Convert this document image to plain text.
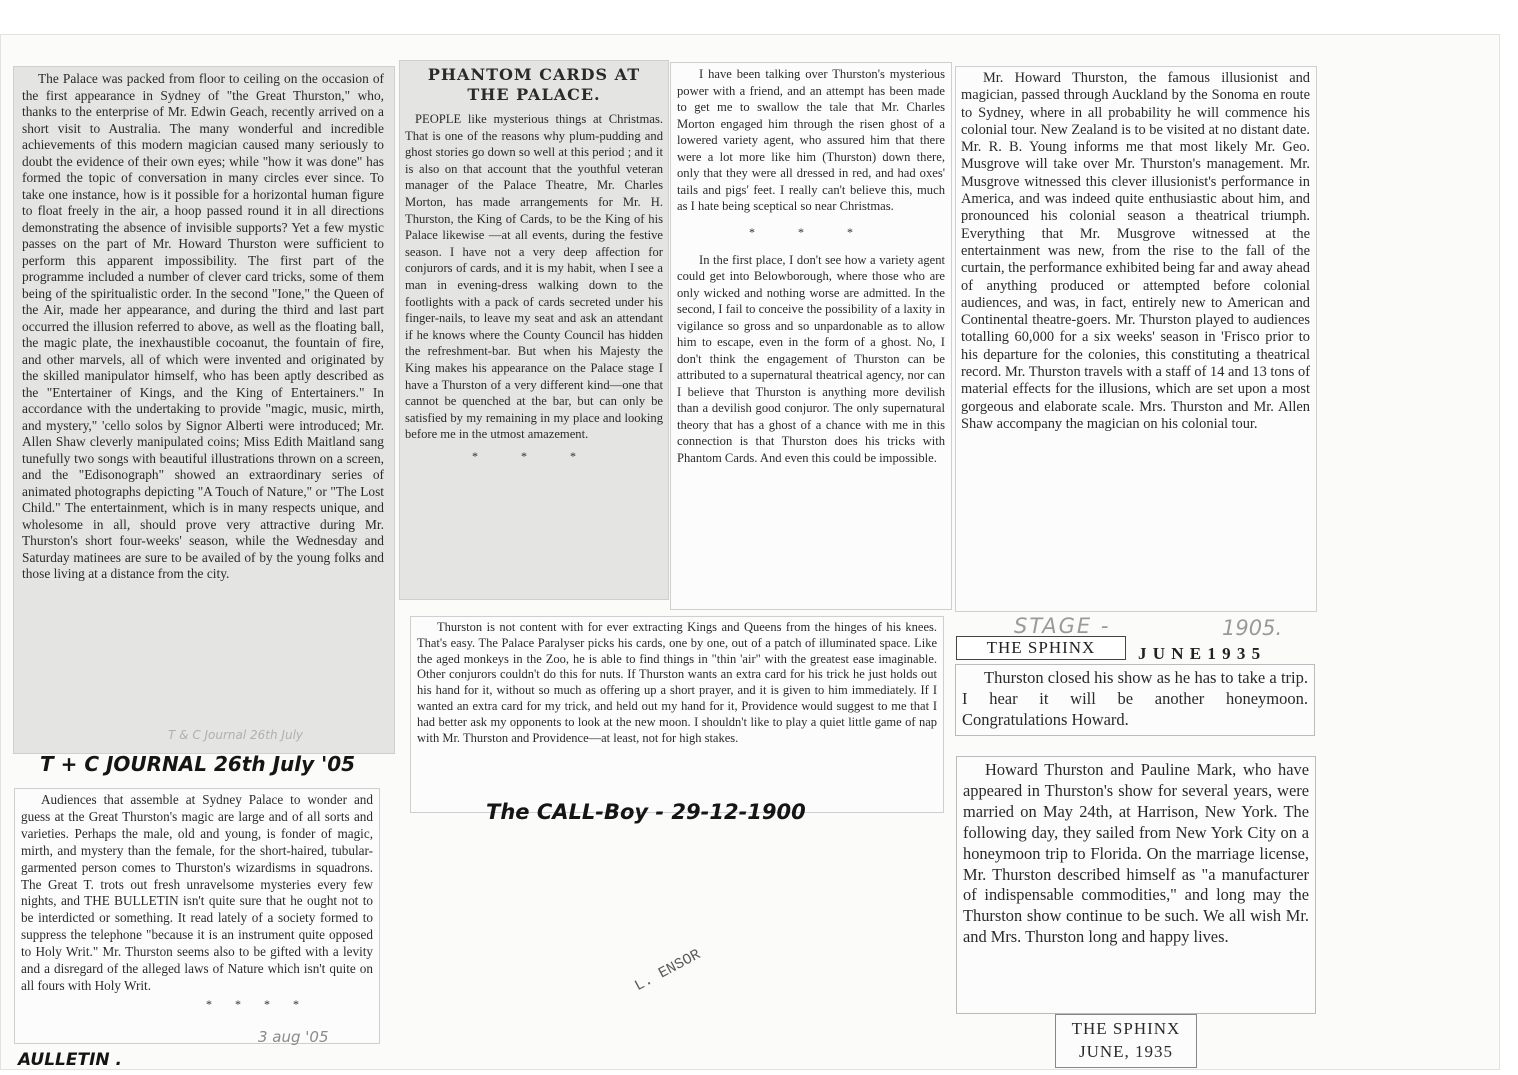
The Palace was packed from floor to ceiling on the occasion of the first appearance in Sydney of "the Great Thurston," who, thanks to the enterprise of Mr. Edwin Geach, recently arrived on a short visit to Australia. The many wonderful and incredible achievements of this modern magician caused many seriously to doubt the evidence of their own eyes; while "how it was done" has formed the topic of conversation in many circles ever since. To take one instance, how is it possible for a horizontal human figure to float freely in the air, a hoop passed round it in all directions demonstrating the absence of invisible supports? Yet a few mystic passes on the part of Mr. Howard Thurston were sufficient to perform this apparent impossibility. The first part of the programme included a number of clever card tricks, some of them being of the spiritualistic order. In the second "Ione," the Queen of the Air, made her appearance, and during the third and last part occurred the illusion referred to above, as well as the floating ball, the magic plate, the inexhaustible cocoanut, the fountain of fire, and other marvels, all of which were invented and originated by the skilled manipulator himself, who has been aptly described as the "Entertainer of Kings, and the King of Entertainers." In accordance with the undertaking to provide "magic, music, mirth, and mystery," 'cello solos by Signor Alberti were introduced; Mr. Allen Shaw cleverly manipulated coins; Miss Edith Maitland sang tunefully two songs with beautiful illustrations thrown on a screen, and the "Edisonograph" showed an extraordinary series of animated photographs depicting "A Touch of Nature," or "The Lost Child." The entertainment, which is in many respects unique, and wholesome in all, should prove very attractive during Mr. Thurston's short four-weeks' season, while the Wednesday and Saturday matinees are sure to be availed of by the young folks and those living at a distance from the city.

PHANTOM CARDS AT THE PALACE.

PEOPLE like mysterious things at Christmas. That is one of the reasons why plum-pudding and ghost stories go down so well at this period ; and it is also on that account that the youthful veteran manager of the Palace Theatre, Mr. Charles Morton, has made arrangements for Mr. H. Thurston, the King of Cards, to be the King of his Palace likewise —at all events, during the festive season. I have not a very deep affection for conjurors of cards, and it is my habit, when I see a man in evening-dress walking down to the footlights with a pack of cards secreted under his finger-nails, to leave my seat and ask an attendant if he knows where the County Council has hidden the refreshment-bar. But when his Majesty the King makes his appearance on the Palace stage I have a Thurston of a very different kind—one that cannot be quenched at the bar, but can only be satisfied by my remaining in my place and looking before me in the utmost amazement.

* * *

I have been talking over Thurston's mysterious power with a friend, and an attempt has been made to get me to swallow the tale that Mr. Charles Morton engaged him through the risen ghost of a lowered variety agent, who assured him that there were a lot more like him (Thurston) down there, only that they were all dressed in red, and had oxes' tails and pigs' feet. I really can't believe this, much as I hate being sceptical so near Christmas.

* * *

In the first place, I don't see how a variety agent could get into Belowborough, where those who are only wicked and nothing worse are admitted. In the second, I fail to conceive the possibility of a laxity in vigilance so gross and so unpardonable as to allow him to escape, even in the form of a ghost. No, I don't think the engagement of Thurston can be attributed to a supernatural theatrical agency, nor can I believe that Thurston is anything more devilish than a devilish good conjuror. The only supernatural theory that has a ghost of a chance with me in this connection is that Thurston does his tricks with Phantom Cards. And even this could be impossible.

Thurston is not content with for ever extracting Kings and Queens from the hinges of his knees. That's easy. The Palace Paralyser picks his cards, one by one, out of a patch of illuminated space. Like the aged monkeys in the Zoo, he is able to find things in "thin 'air" with the greatest ease imaginable. Other conjurors couldn't do this for nuts. If Thurston wants an extra card for his trick he just holds out his hand for it, without so much as offering up a short prayer, and it is given to him immediately. If I wanted an extra card for my trick, and held out my hand for it, Providence would suggest to me that I had better ask my opponents to look at the new moon. I shouldn't like to play a quiet little game of nap with Mr. Thurston and Providence—at least, not for high stakes.

Mr. Howard Thurston, the famous illusionist and magician, passed through Auckland by the Sonoma en route to Sydney, where in all probability he will commence his colonial tour. New Zealand is to be visited at no distant date. Mr. R. B. Young informs me that most likely Mr. Geo. Musgrove will take over Mr. Thurston's management. Mr. Musgrove witnessed this clever illusionist's performance in America, and was indeed quite enthusiastic about him, and pronounced his colonial season a theatrical triumph. Everything that Mr. Musgrove witnessed at the entertainment was new, from the rise to the fall of the curtain, the performance exhibited being far and away ahead of anything produced or attempted before colonial audiences, and was, in fact, entirely new to American and Continental theatre-goers. Mr. Thurston played to audiences totalling 60,000 for a six weeks' season in 'Frisco prior to his departure for the colonies, this constituting a theatrical record. Mr. Thurston travels with a staff of 14 and 13 tons of material effects for the illusions, which are set upon a most gorgeous and elaborate scale. Mrs. Thurston and Mr. Allen Shaw accompany the magician on his colonial tour.

THE SPHINX	J U N E 1 9 3 5

Thurston closed his show as he has to take a trip. I hear it will be another honeymoon. Congratulations Howard.

Howard Thurston and Pauline Mark, who have appeared in Thurston's show for several years, were married on May 24th, at Harrison, New York. The following day, they sailed from New York City on a honeymoon trip to Florida. On the marriage license, Mr. Thurston described himself as "a manufacturer of indispensable commodities," and long may the Thurston show continue to be such. We all wish Mr. and Mrs. Thurston long and happy lives.

THE SPHINX
JUNE, 1935

Audiences that assemble at Sydney Palace to wonder and guess at the Great Thurston's magic are large and of all sorts and varieties. Perhaps the male, old and young, is fonder of magic, mirth, and mystery than the female, for the short-haired, tubular-garmented person comes to Thurston's wizardisms in squadrons. The Great T. trots out fresh unravelsome mysteries every few nights, and THE BULLETIN isn't quite sure that he ought not to be interdicted or something. It read lately of a society formed to suppress the telephone "because it is an instrument quite opposed to Holy Writ." Mr. Thurston seems also to be gifted with a levity and a disregard of the alleged laws of Nature which isn't quite on all fours with Holy Writ.

* * * *
T + C JOURNAL 26th July '05
The CALL-Boy - 29-12-1900
AULLETIN .
STAGE -	1905.
T & C Journal 26th July
3 aug '05
L. ENSOR
